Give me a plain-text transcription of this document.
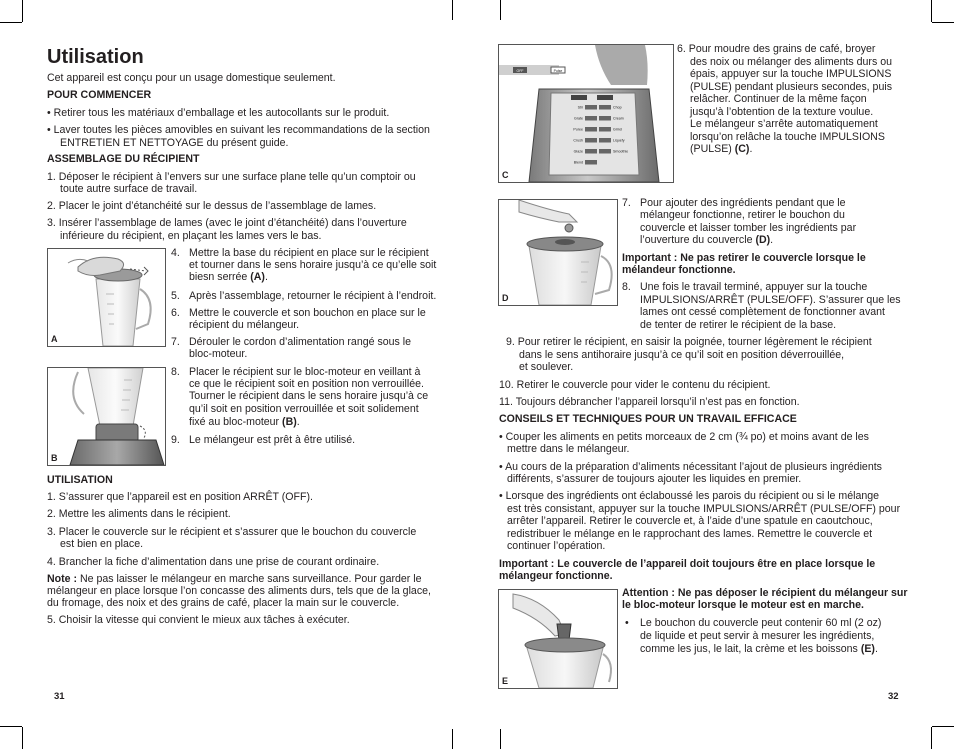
Utilisation
Cet appareil est conçu pour un usage domestique seulement.
POUR COMMENCER
• Retirer tous les matériaux d’emballage et les autocollants sur le produit.
• Laver toutes les pièces amovibles en suivant les recommandations de la section
ENTRETIEN ET NETTOYAGE du présent guide.
ASSEMBLAGE DU RÉCIPIENT
1. Déposer le récipient à l’envers sur une surface plane telle qu’un comptoir ou
toute autre surface de travail.
2. Placer le joint d’étanchéité sur le dessus de l’assemblage de lames.
3. Insérer l’assemblage de lames (avec le joint d’étanchéité) dans l’ouverture
inférieure du récipient, en plaçant les lames vers le bas.
A
4. Mettre la base du récipient en place sur le récipient
et tourner dans le sens horaire jusqu’à ce qu’elle soit
biesn serrée (A).
5. Après l’assemblage, retourner le récipient à l’endroit.
6. Mettre le couvercle et son bouchon en place sur le
récipient du mélangeur.
7. Dérouler le cordon d’alimentation rangé sous le
bloc-moteur.
B
8. Placer le récipient sur le bloc-moteur en veillant à
ce que le récipient soit en position non verrouillée.
Tourner le récipient dans le sens horaire jusqu’à ce
qu’il soit en position verrouillée et soit solidement
fixé au bloc-moteur (B).
9. Le mélangeur est prêt à être utilisé.
UTILISATION
1. S’assurer que l’appareil est en position ARRÊT (OFF).
2. Mettre les aliments dans le récipient.
3. Placer le couvercle sur le récipient et s’assurer que le bouchon du couvercle
est bien en place.
4. Brancher la fiche d’alimentation dans une prise de courant ordinaire.
Note : Ne pas laisser le mélangeur en marche sans surveillance. Pour garder le
mélangeur en place lorsque l’on concasse des aliments durs, tels que de la glace,
du fromage, des noix et des grains de café, placer la main sur le couvercle.
5. Choisir la vitesse qui convient le mieux aux tâches à exécuter.
31
OFF	Pulse
Stir
Grate
Puree
Crush
Glaze
Blend
Chop
Cream
Grind
Liquefy
Smoothie
C
6. Pour moudre des grains de café, broyer
des noix ou mélanger des aliments durs ou
épais, appuyer sur la touche IMPULSIONS
(PULSE) pendant plusieurs secondes, puis
relâcher. Continuer de la même façon
jusqu’à l’obtention de la texture voulue.
Le mélangeur s’arrête automatiquement
lorsqu’on relâche la touche IMPULSIONS
(PULSE) (C).
D
7. Pour ajouter des ingrédients pendant que le
mélangeur fonctionne, retirer le bouchon du
couvercle et laisser tomber les ingrédients par
l’ouverture du couvercle (D).
Important : Ne pas retirer le couvercle lorsque le
mélandeur fonctionne.
8. Une fois le travail terminé, appuyer sur la touche
IMPULSIONS/ARRÊT (PULSE/OFF). S’assurer que les
lames ont cessé complètement de fonctionner avant
de tenter de retirer le récipient de la base.
9. Pour retirer le récipient, en saisir la poignée, tourner légèrement le récipient
dans le sens antihoraire jusqu’à ce qu’il soit en position déverrouillée,
et soulever.
10. Retirer le couvercle pour vider le contenu du récipient.
11. Toujours débrancher l’appareil lorsqu’il n’est pas en fonction.
CONSEILS ET TECHNIQUES POUR UN TRAVAIL EFFICACE
• Couper les aliments en petits morceaux de 2 cm (¾ po) et moins avant de les
mettre dans le mélangeur.
• Au cours de la préparation d’aliments nécessitant l’ajout de plusieurs ingrédients
différents, s’assurer de toujours ajouter les liquides en premier.
• Lorsque des ingrédients ont éclaboussé les parois du récipient ou si le mélange
est très consistant, appuyer sur la touche IMPULSIONS/ARRÊT (PULSE/OFF) pour
arrêter l’appareil. Retirer le couvercle et, à l’aide d’une spatule en caoutchouc,
redistribuer le mélange en le rapprochant des lames. Remettre le couvercle et
continuer l’opération.
Important : Le couvercle de l’appareil doit toujours être en place lorsque le
mélangeur fonctionne.
E
Attention : Ne pas déposer le récipient du mélangeur sur
le bloc-moteur lorsque le moteur est en marche.
• Le bouchon du couvercle peut contenir 60 ml (2 oz)
de liquide et peut servir à mesurer les ingrédients,
comme les jus, le lait, la crème et les boissons (E).
32
